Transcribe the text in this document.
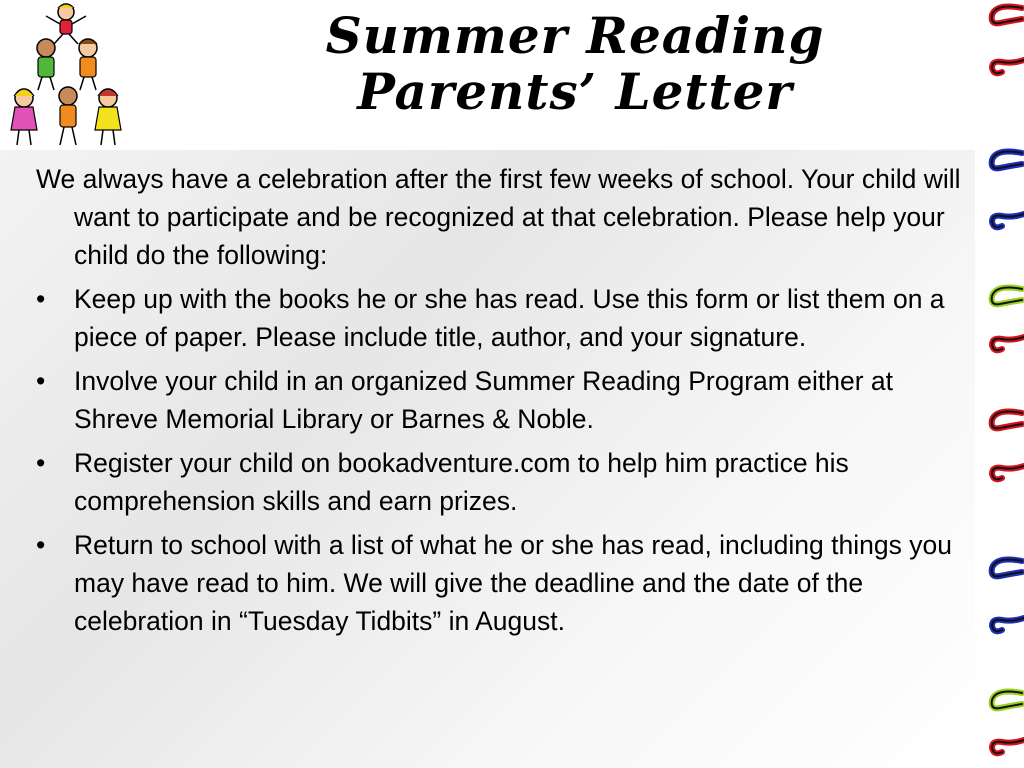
Summer Reading
Parents’ Letter

We always have a celebration after the first few weeks of school. Your child will want to participate and be recognized at that celebration. Please help your child do the following:

• Keep up with the books he or she has read. Use this form or list them on a piece of paper. Please include title, author, and your signature.
• Involve your child in an organized Summer Reading Program either at Shreve Memorial Library or Barnes & Noble.
• Register your child on bookadventure.com to help him practice his comprehension skills and earn prizes.
• Return to school with a list of what he or she has read, including things you may have read to him. We will give the deadline and the date of the celebration in “Tuesday Tidbits” in August.
